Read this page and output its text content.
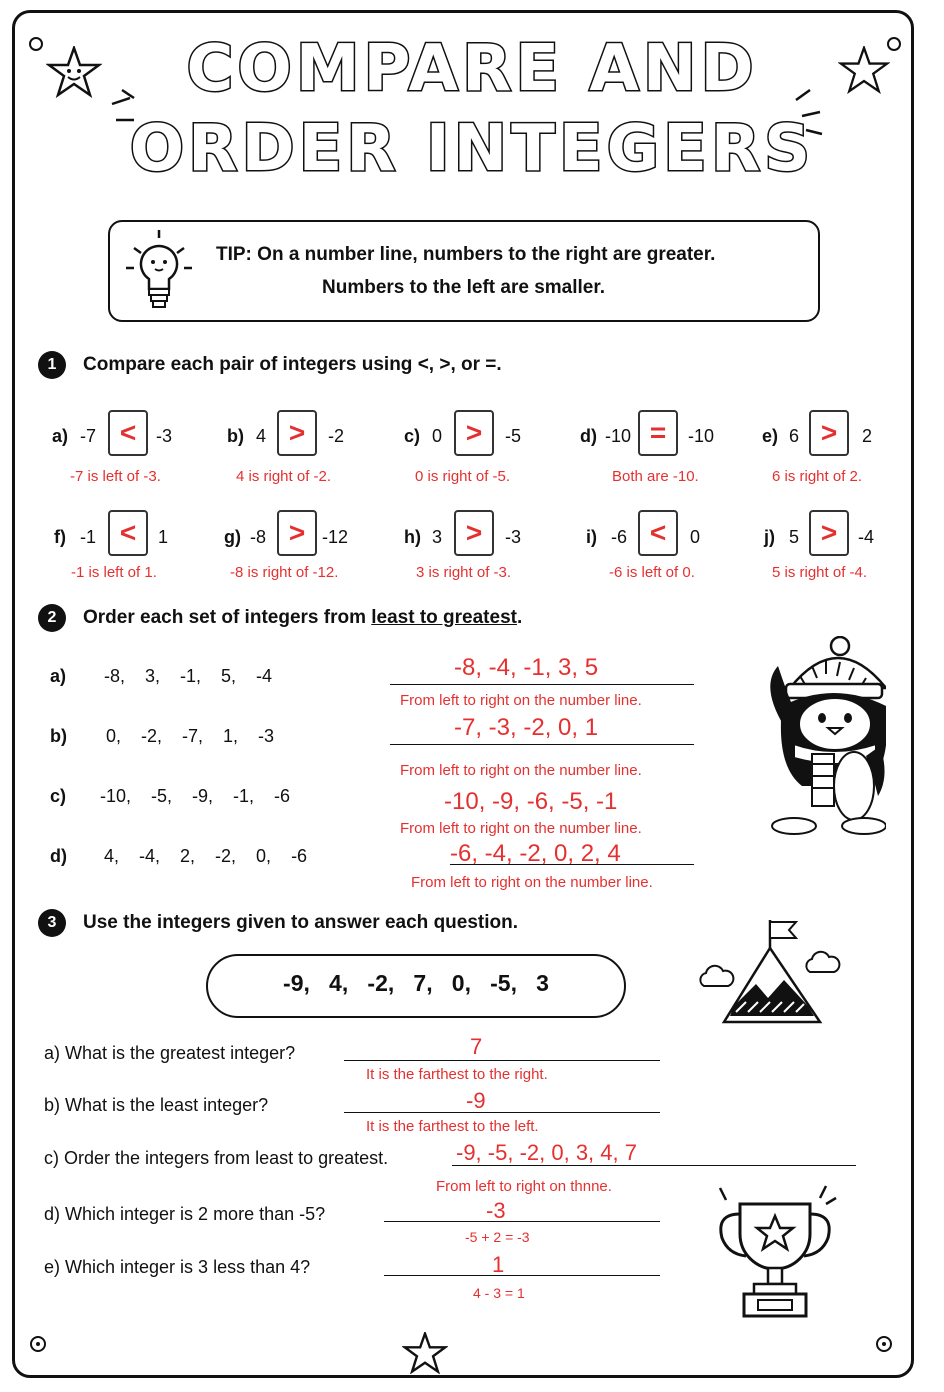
COMPARE AND
ORDER INTEGERS
TIP: On a number line, numbers to the right are greater.
Numbers to the left are smaller.
1	Compare each pair of integers using <, >, or =.
a) -7 <	-3
-7 is left of -3.
b) 4 >	-2
4 is right of -2.
c) 0 >	-5
0 is right of -5.
d) -10 =	-10
Both are -10.
e) 6 >	2
6 is right of 2.
f) -1 <	1
-1 is left of 1.
g) -8 > -12
-8 is right of -12.
h) 3 >	-3
3 is right of -3.
i) -6 <	0
-6 is left of 0.
j) 5 >	-4
5 is right of -4.
2	Order each set of integers from least to greatest.
a) -8,    3,    -1,    5,    -4	-8, -4, -1, 3, 5
From left to right on the number line.
b) 0,    -2,    -7,    1,    -3	-7, -3, -2, 0, 1
From left to right on the number line.
c) -10,    -5,    -9,    -1,    -6	-10, -9, -6, -5, -1
From left to right on the number line.
d) 4,    -4,    2,    -2,    0,    -6	-6, -4, -2, 0, 2, 4
From left to right on the number line.
3	Use the integers given to answer each question.
-9,   4,   -2,   7,   0,   -5,   3
a) What is the greatest integer?	7
It is the farthest to the right.
b) What is the least integer?	-9
It is the farthest to the left.
c) Order the integers from least to greatest.	-9, -5, -2, 0, 3, 4, 7
From left to right on thnne.
d) Which integer is 2 more than -5?	-3
-5 + 2 = -3
e) Which integer is 3 less than 4?	1
4 - 3 = 1
